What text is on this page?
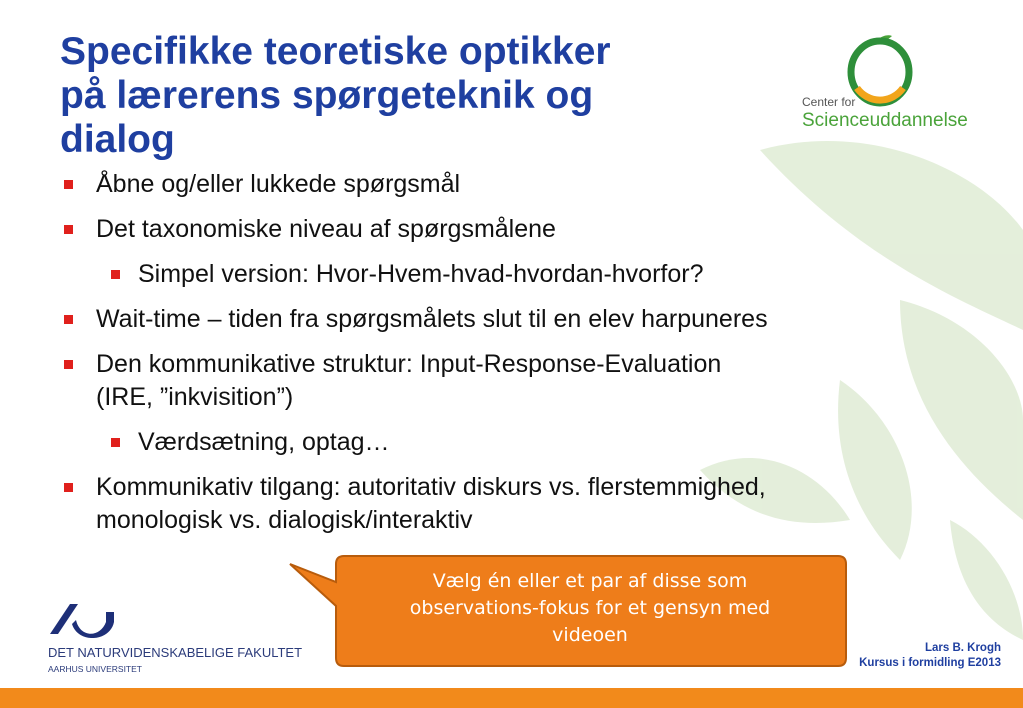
Specifikke teoretiske optikker
på lærerens spørgeteknik og
dialog
Center for
Scienceuddannelse
Åbne og/eller lukkede spørgsmål
Det taxonomiske niveau af spørgsmålene
Simpel version: Hvor-Hvem-hvad-hvordan-hvorfor?
Wait-time – tiden fra spørgsmålets slut til en elev harpuneres
Den kommunikative struktur: Input-Response-Evaluation
(IRE, ”inkvisition”)
Værdsætning, optag…
Kommunikativ tilgang: autoritativ diskurs vs. flerstemmighed,
monologisk vs. dialogisk/interaktiv
Vælg én eller et par af disse som
observations-fokus for et gensyn med
videoen
DET NATURVIDENSKABELIGE FAKULTET
AARHUS UNIVERSITET
Lars B. Krogh
Kursus i formidling E2013
